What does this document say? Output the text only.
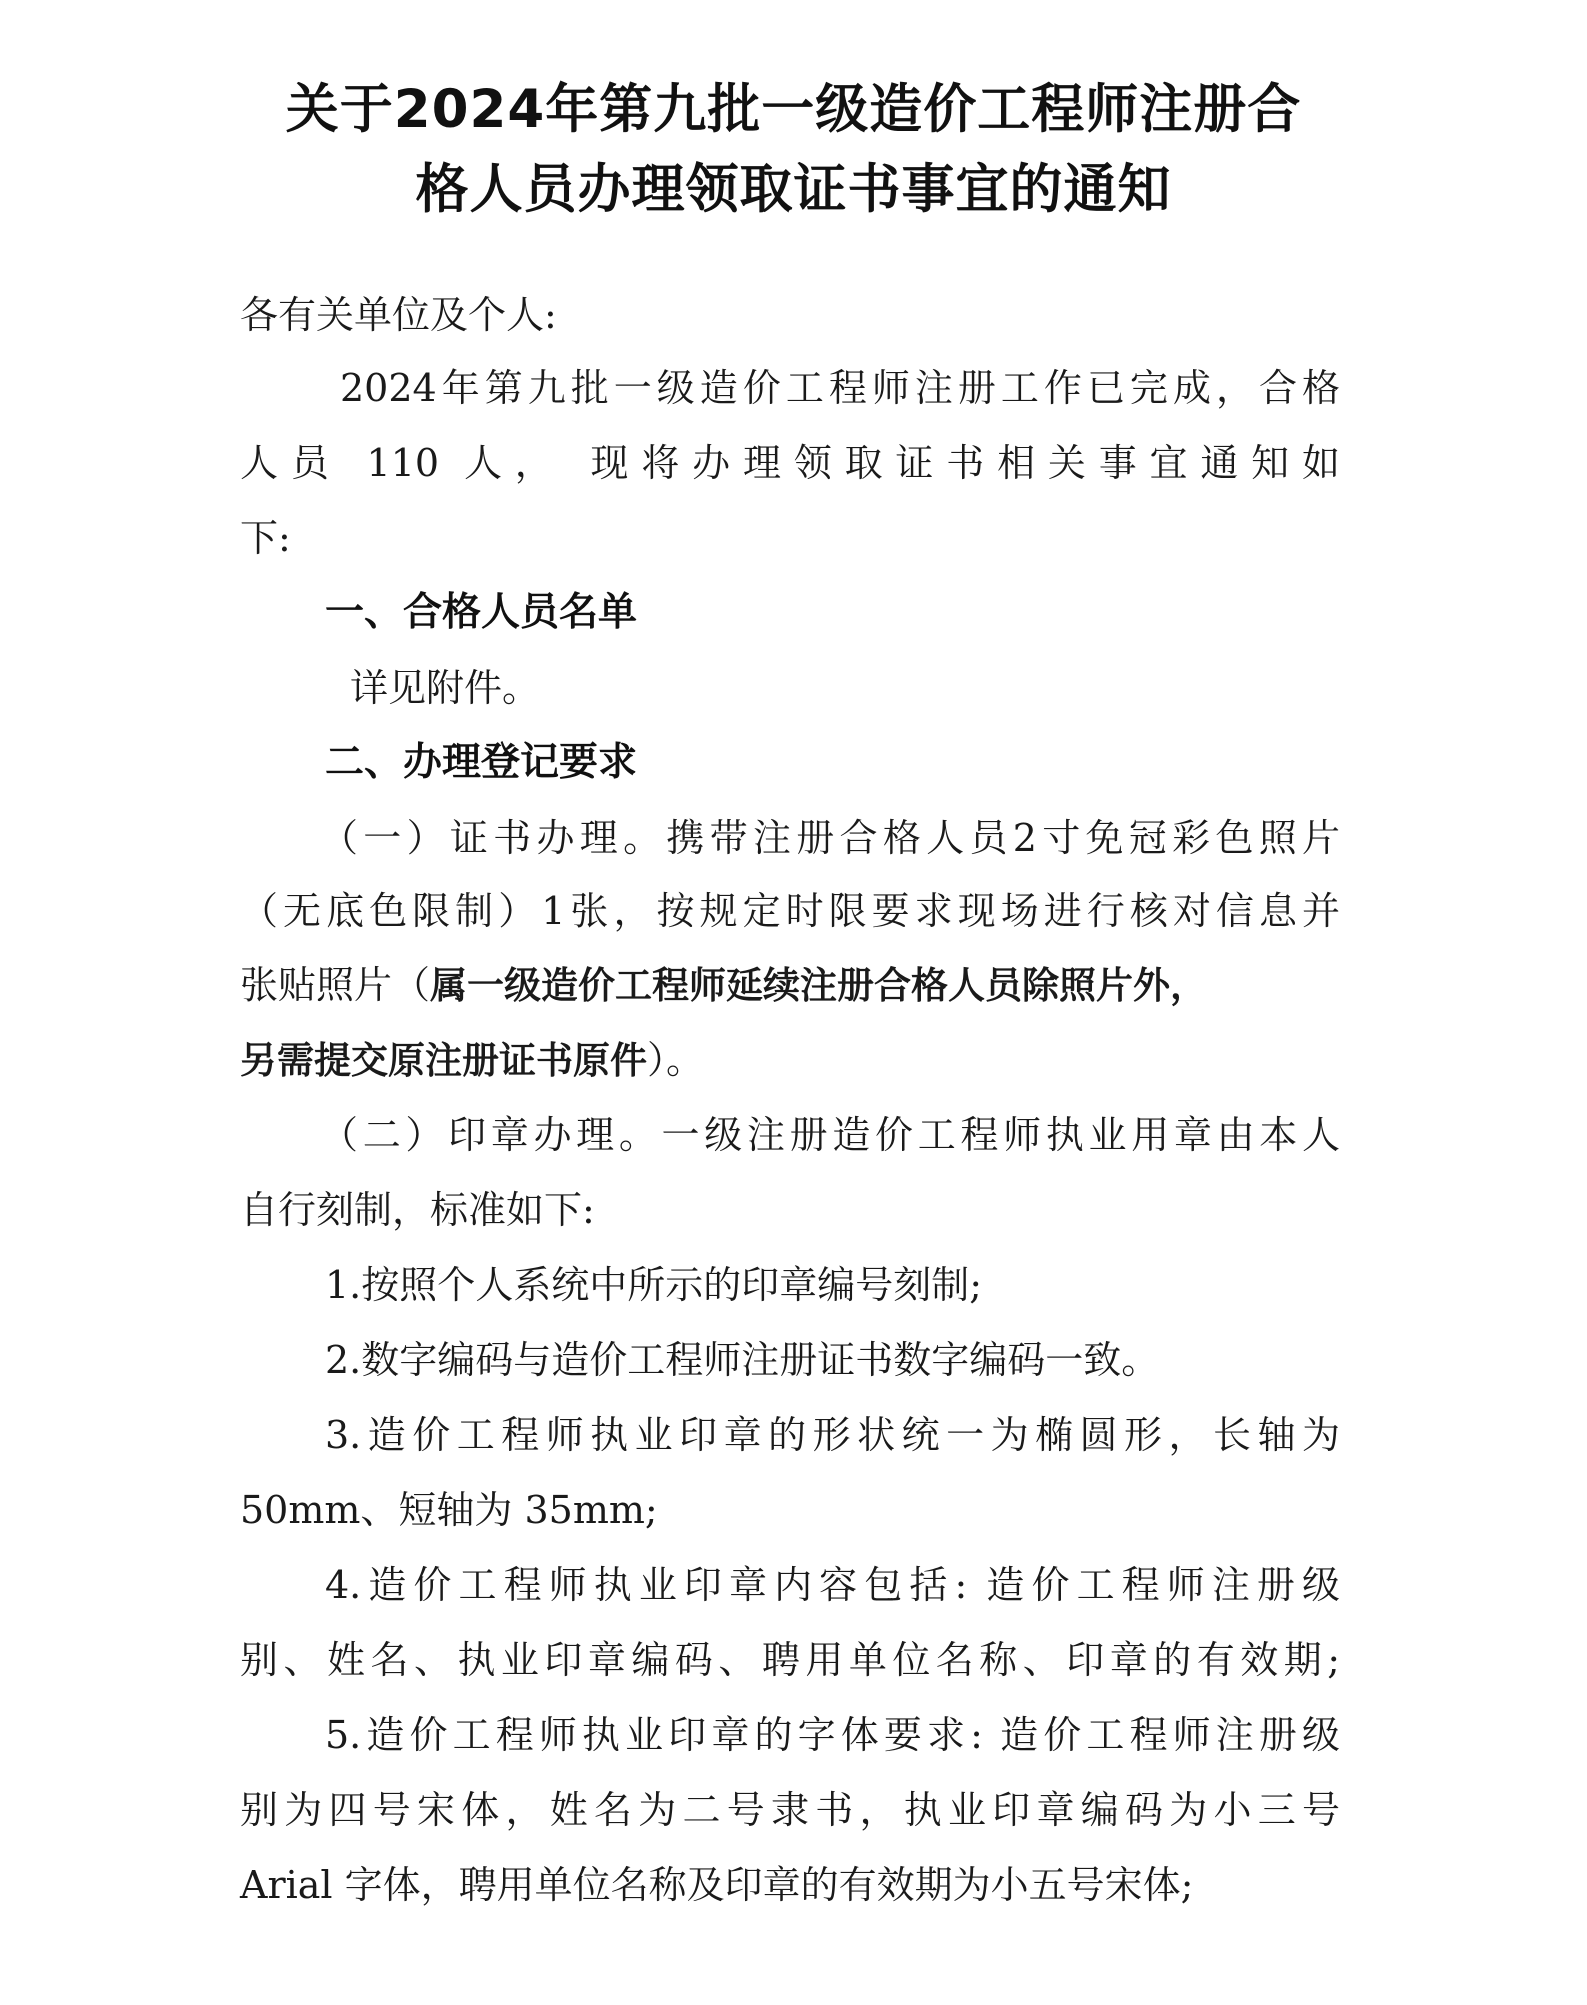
关于2024年第九批一级造价工程师注册合
格人员办理领取证书事宜的通知

各有关单位及个人:

2024年第九批一级造价工程师注册工作已完成，合格

人员 110 人， 现将办理领取证书相关事宜通知如

下:

一、合格人员名单

详见附件。

二、办理登记要求

（一）证书办理。携带注册合格人员2寸免冠彩色照片

（无底色限制）1张，按规定时限要求现场进行核对信息并

张贴照片（属一级造价工程师延续注册合格人员除照片外，

另需提交原注册证书原件）。

（二）印章办理。一级注册造价工程师执业用章由本人

自行刻制，标准如下:

1.按照个人系统中所示的印章编号刻制;

2.数字编码与造价工程师注册证书数字编码一致。

3.造价工程师执业印章的形状统一为椭圆形，长轴为

50mm、短轴为 35mm;

4.造价工程师执业印章内容包括: 造价工程师注册级

别、姓名、执业印章编码、聘用单位名称、印章的有效期;

5.造价工程师执业印章的字体要求: 造价工程师注册级

别为四号宋体，姓名为二号隶书，执业印章编码为小三号

Arial 字体，聘用单位名称及印章的有效期为小五号宋体;
